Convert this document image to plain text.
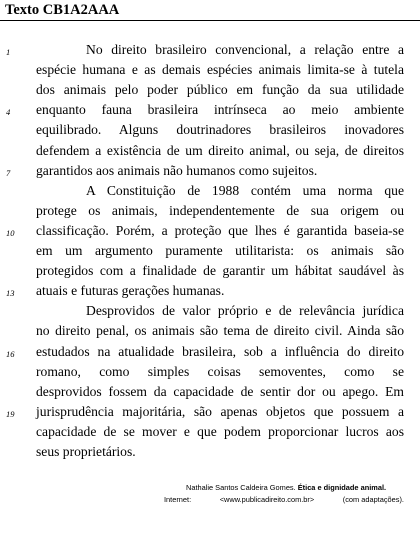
Texto CB1A2AAA
No direito brasileiro convencional, a relação entre a
espécie humana e as demais espécies animais limita-se à tutela
dos animais pelo poder público em função da sua utilidade
enquanto fauna brasileira intrínseca ao meio ambiente
equilibrado. Alguns doutrinadores brasileiros inovadores
defendem a existência de um direito animal, ou seja, de direitos
garantidos aos animais não humanos como sujeitos.
A Constituição de 1988 contém uma norma que
protege os animais, independentemente de sua origem ou
classificação. Porém, a proteção que lhes é garantida baseia-se
em um argumento puramente utilitarista: os animais são
protegidos com a finalidade de garantir um hábitat saudável às
atuais e futuras gerações humanas.
Desprovidos de valor próprio e de relevância jurídica
no direito penal, os animais são tema de direito civil. Ainda são
estudados na atualidade brasileira, sob a influência do direito
romano, como simples coisas semoventes, como se
desprovidos fossem da capacidade de sentir dor ou apego. Em
jurisprudência majoritária, são apenas objetos que possuem a
capacidade de se mover e que podem proporcionar lucros aos
seus proprietários.
1
4
7
10
13
16
19
Nathalie Santos Caldeira Gomes. Ética e dignidade animal.
Internet:	<www.publicadireito.com.br>	(com adaptações).
